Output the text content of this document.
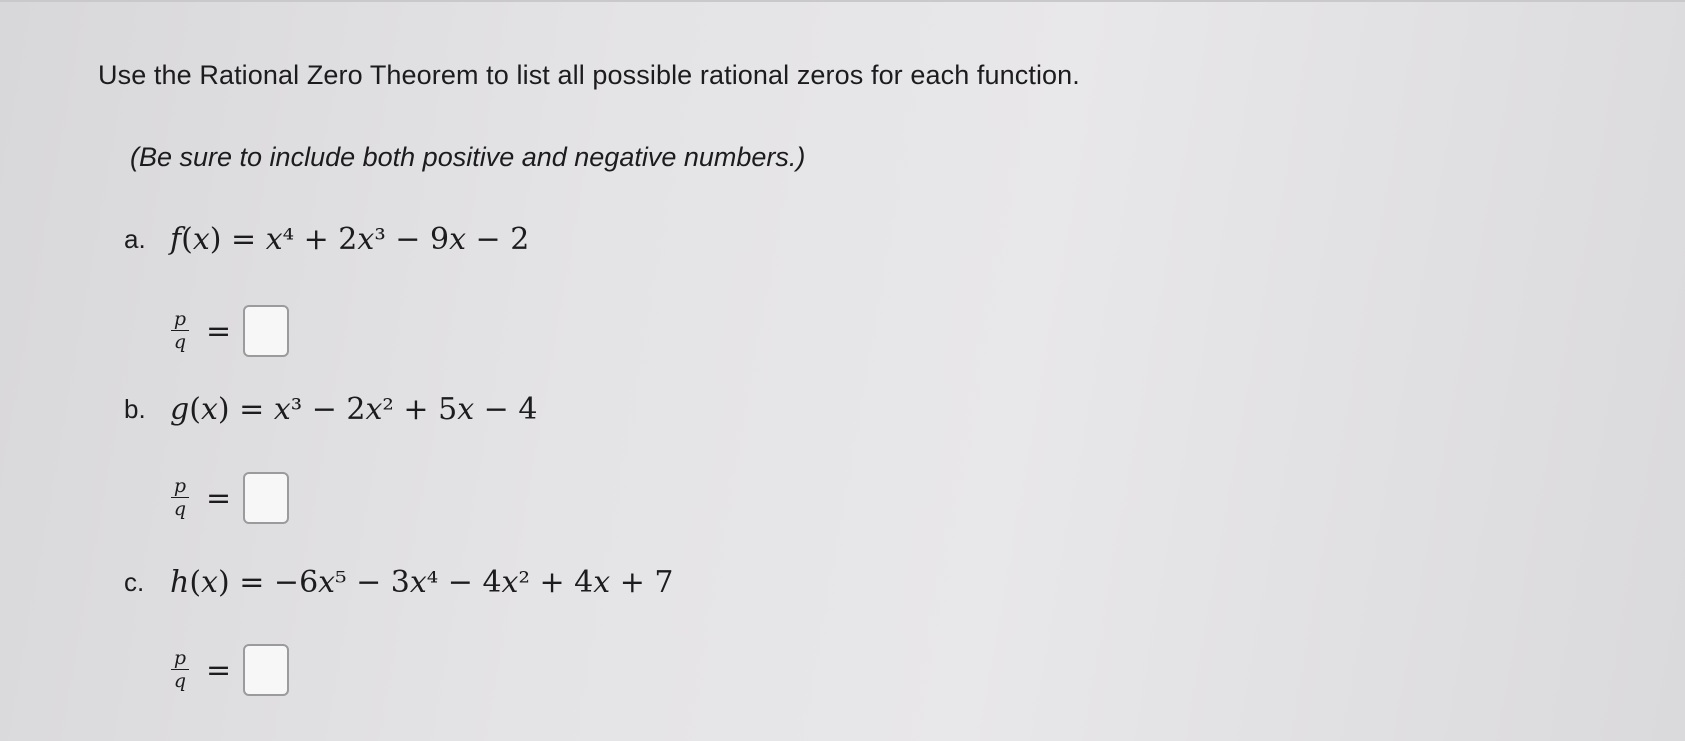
Use the Rational Zero Theorem to list all possible rational zeros for each function.
(Be sure to include both positive and negative numbers.)
a. f(x) = x⁴ + 2x³ − 9x − 2
$\frac{p}{q}$ =
b. g(x) = x³ − 2x² + 5x − 4
$\frac{p}{q}$ =
c. h(x) = −6x⁵ − 3x⁴ − 4x² + 4x + 7
$\frac{p}{q}$ =
